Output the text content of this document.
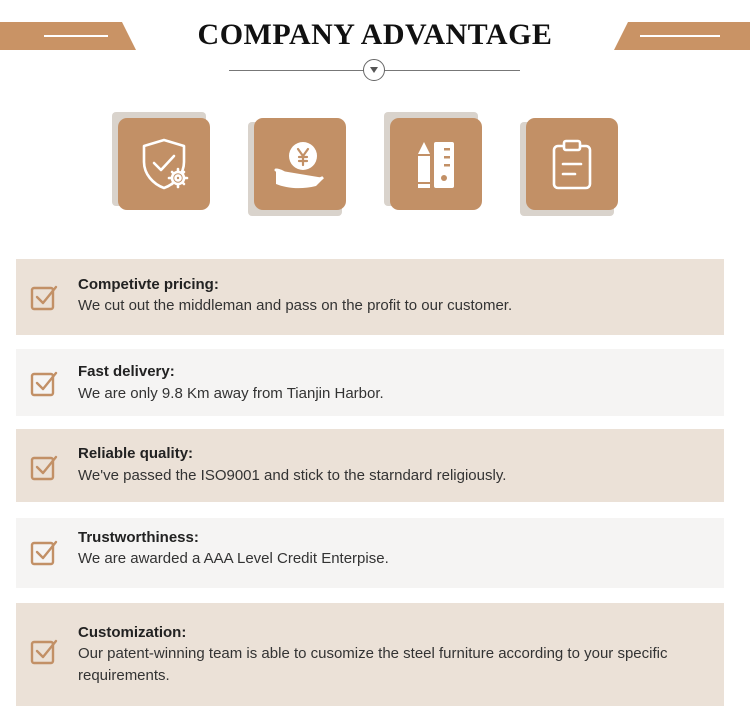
COMPANY ADVANTAGE
Competivte pricing:
We cut out the middleman and pass on the profit to our customer.
Fast delivery:
We are only 9.8 Km away from Tianjin Harbor.
Reliable quality:
We've passed the ISO9001 and stick to the starndard religiously.
Trustworthiness:
We are awarded a AAA Level Credit Enterpise.
Customization:
Our patent-winning team is able to cusomize the steel furniture according to your specific requirements.
